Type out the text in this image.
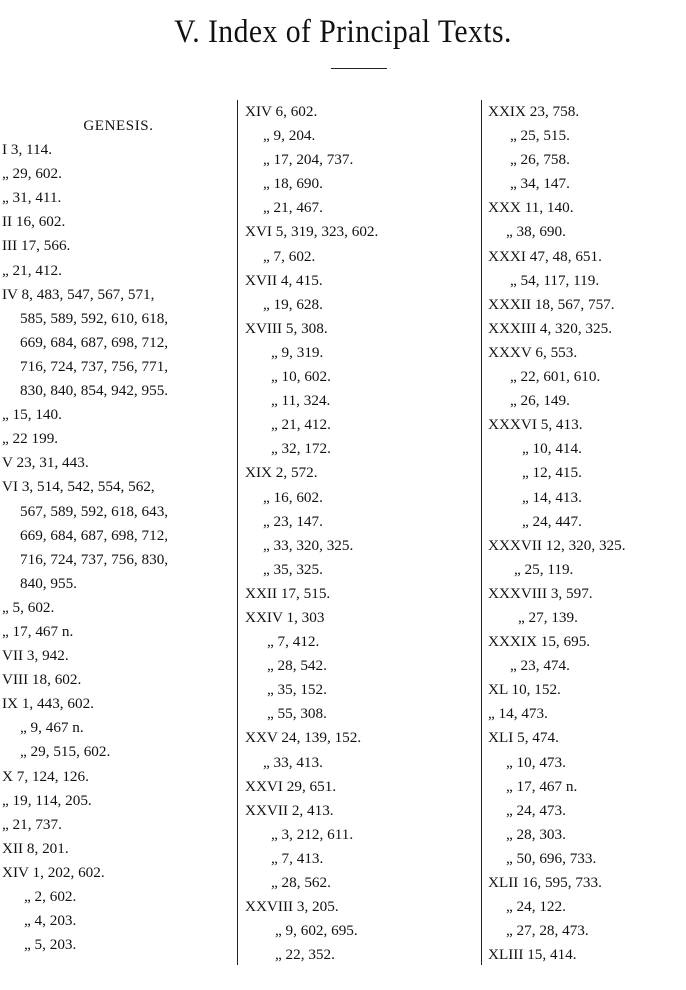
V. Index of Principal Texts.
GENESIS.
I 3, 114.
„ 29, 602.
„ 31, 411.
II 16, 602.
III 17, 566.
„ 21, 412.
IV 8, 483, 547, 567, 571,
585, 589, 592, 610, 618,
669, 684, 687, 698, 712,
716, 724, 737, 756, 771,
830, 840, 854, 942, 955.
„ 15, 140.
„ 22 199.
V 23, 31, 443.
VI 3, 514, 542, 554, 562,
567, 589, 592, 618, 643,
669, 684, 687, 698, 712,
716, 724, 737, 756, 830,
840, 955.
„ 5, 602.
„ 17, 467 n.
VII 3, 942.
VIII 18, 602.
IX 1, 443, 602.
„ 9, 467 n.
„ 29, 515, 602.
X 7, 124, 126.
„ 19, 114, 205.
„ 21, 737.
XII 8, 201.
XIV 1, 202, 602.
„ 2, 602.
„ 4, 203.
„ 5, 203.
XIV 6, 602.
„ 9, 204.
„ 17, 204, 737.
„ 18, 690.
„ 21, 467.
XVI 5, 319, 323, 602.
„ 7, 602.
XVII 4, 415.
„ 19, 628.
XVIII 5, 308.
„ 9, 319.
„ 10, 602.
„ 11, 324.
„ 21, 412.
„ 32, 172.
XIX 2, 572.
„ 16, 602.
„ 23, 147.
„ 33, 320, 325.
„ 35, 325.
XXII 17, 515.
XXIV 1, 303
„ 7, 412.
„ 28, 542.
„ 35, 152.
„ 55, 308.
XXV 24, 139, 152.
„ 33, 413.
XXVI 29, 651.
XXVII 2, 413.
„ 3, 212, 611.
„ 7, 413.
„ 28, 562.
XXVIII 3, 205.
„ 9, 602, 695.
„ 22, 352.
XXIX 23, 758.
„ 25, 515.
„ 26, 758.
„ 34, 147.
XXX 11, 140.
„ 38, 690.
XXXI 47, 48, 651.
„ 54, 117, 119.
XXXII 18, 567, 757.
XXXIII 4, 320, 325.
XXXV 6, 553.
„ 22, 601, 610.
„ 26, 149.
XXXVI 5, 413.
„ 10, 414.
„ 12, 415.
„ 14, 413.
„ 24, 447.
XXXVII 12, 320, 325.
„ 25, 119.
XXXVIII 3, 597.
„ 27, 139.
XXXIX 15, 695.
„ 23, 474.
XL 10, 152.
„ 14, 473.
XLI 5, 474.
„ 10, 473.
„ 17, 467 n.
„ 24, 473.
„ 28, 303.
„ 50, 696, 733.
XLII 16, 595, 733.
„ 24, 122.
„ 27, 28, 473.
XLIII 15, 414.
